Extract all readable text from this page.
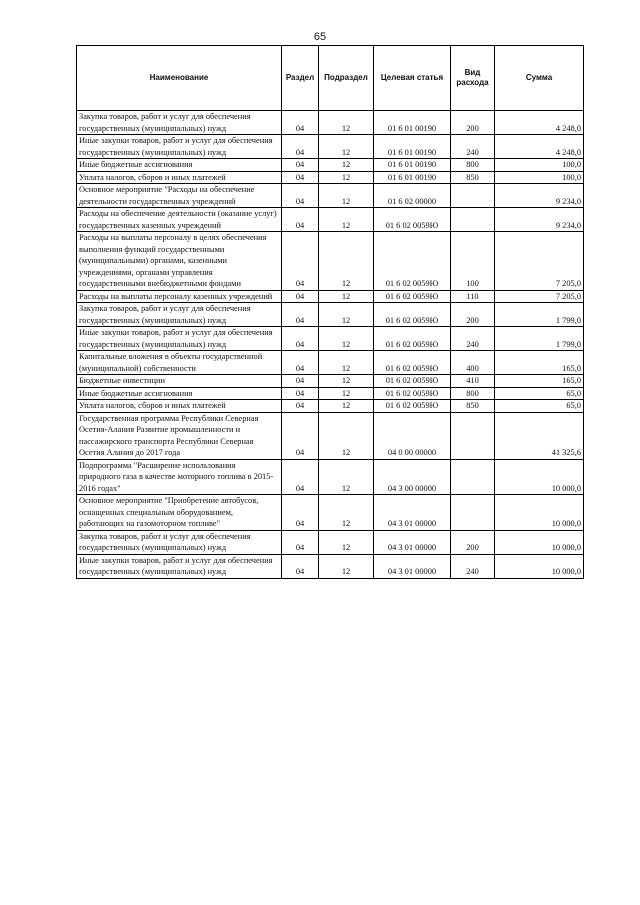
65
Наименование	Раздел	Подраздел	Целевая статья	Вид расхода	Сумма
Закупка товаров, работ и услуг для обеспечения государственных (муниципальных) нужд	04	12	01 6 01 00190	200	4 248,0
Иные закупки товаров, работ и услуг для обеспечения государственных (муниципальных) нужд	04	12	01 6 01 00190	240	4 248,0
Иные бюджетные ассигнования	04	12	01 6 01 00190	800	100,0
Уплата налогов, сборов и иных платежей	04	12	01 6 01 00190	850	100,0
Основное мероприятие "Расходы на обеспечение деятельности государственных учреждений	04	12	01 6 02 00000		9 234,0
Расходы на обеспечение деятельности (оказание услуг) государственных казенных учреждений	04	12	01 6 02 0059Ю		9 234,0
Расходы на выплаты персоналу в целях обеспечения выполнения функций государственными (муниципальными) органами, казенными учреждениями, органами управления государственными внебюджетными фондами	04	12	01 6 02 0059Ю	100	7 205,0
Расходы на выплаты персоналу казенных учреждений	04	12	01 6 02 0059Ю	110	7 205,0
Закупка товаров, работ и услуг для обеспечения государственных (муниципальных) нужд	04	12	01 6 02 0059Ю	200	1 799,0
Иные закупки товаров, работ и услуг для обеспечения государственных (муниципальных) нужд	04	12	01 6 02 0059Ю	240	1 799,0
Капитальные вложения в объекты государственной (муниципальной) собственности	04	12	01 6 02 0059Ю	400	165,0
Бюджетные инвестиции	04	12	01 6 02 0059Ю	410	165,0
Иные бюджетные ассигнования	04	12	01 6 02 0059Ю	800	65,0
Уплата налогов, сборов и иных платежей	04	12	01 6 02 0059Ю	850	65,0
Государственная программа Республики Северная Осетия-Алания Развитие промышленности и пассажирского транспорта Республики Северная Осетия Алания до 2017 года	04	12	04 0 00 00000		41 325,6
Подпрограмма "Расширение использования природного газа в качестве моторного топлива в 2015-2016 годах"	04	12	04 3 00 00000		10 000,0
Основное мероприятие "Приобретение автобусов, оснащенных специальным оборудованием, работающих на газомоторном топливе"	04	12	04 3 01 00000		10 000,0
Закупка товаров, работ и услуг для обеспечения государственных (муниципальных) нужд	04	12	04 3 01 00000	200	10 000,0
Иные закупки товаров, работ и услуг для обеспечения государственных (муниципальных) нужд	04	12	04 3 01 00000	240	10 000,0
